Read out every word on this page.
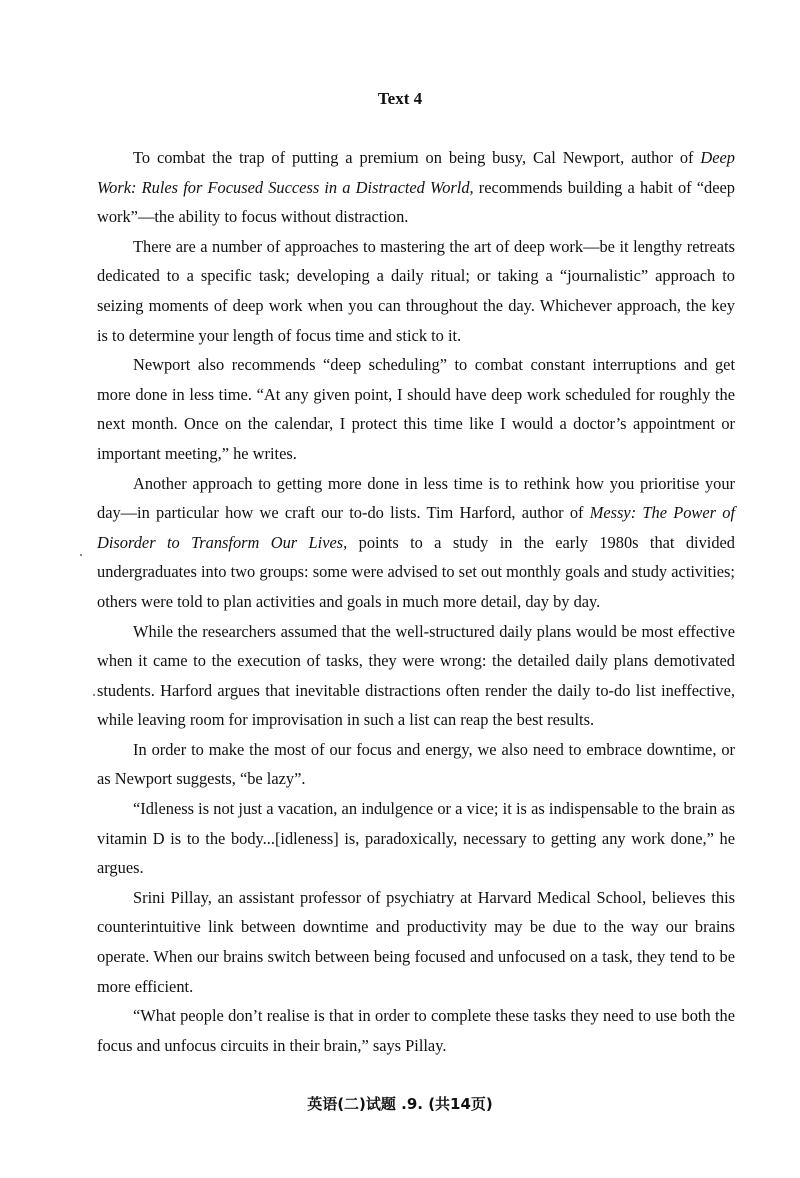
Text 4

To combat the trap of putting a premium on being busy, Cal Newport, author of Deep Work: Rules for Focused Success in a Distracted World, recommends building a habit of “deep work”—the ability to focus without distraction.

There are a number of approaches to mastering the art of deep work—be it lengthy retreats dedicated to a specific task; developing a daily ritual; or taking a “journalistic” approach to seizing moments of deep work when you can throughout the day. Whichever approach, the key is to determine your length of focus time and stick to it.

Newport also recommends “deep scheduling” to combat constant interruptions and get more done in less time. “At any given point, I should have deep work scheduled for roughly the next month. Once on the calendar, I protect this time like I would a doctor’s appointment or important meeting,” he writes.

Another approach to getting more done in less time is to rethink how you prioritise your day—in particular how we craft our to-do lists. Tim Harford, author of Messy: The Power of Disorder to Transform Our Lives, points to a study in the early 1980s that divided undergraduates into two groups: some were advised to set out monthly goals and study activities; others were told to plan activities and goals in much more detail, day by day.

While the researchers assumed that the well-structured daily plans would be most effective when it came to the execution of tasks, they were wrong: the detailed daily plans demotivated students. Harford argues that inevitable distractions often render the daily to-do list ineffective, while leaving room for improvisation in such a list can reap the best results.

In order to make the most of our focus and energy, we also need to embrace downtime, or as Newport suggests, “be lazy”.

“Idleness is not just a vacation, an indulgence or a vice; it is as indispensable to the brain as vitamin D is to the body...[idleness] is, paradoxically, necessary to getting any work done,” he argues.

Srini Pillay, an assistant professor of psychiatry at Harvard Medical School, believes this counterintuitive link between downtime and productivity may be due to the way our brains operate. When our brains switch between being focused and unfocused on a task, they tend to be more efficient.

“What people don’t realise is that in order to complete these tasks they need to use both the focus and unfocus circuits in their brain,” says Pillay.

英语(二)试题 .9. (共14页)
